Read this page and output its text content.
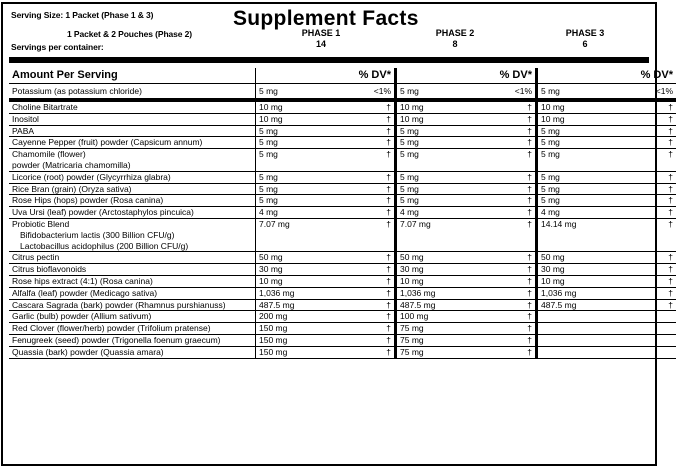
Serving Size: 1 Packet (Phase 1 & 3)
1 Packet & 2 Pouches (Phase 2)
Servings per container:
Supplement Facts
PHASE 1
14
PHASE 2
8
PHASE 3
6
Amount Per Serving		% DV*		% DV*		% DV*
Potassium (as potassium chloride)	5 mg	<1%	5 mg	<1%	5 mg	<1%
Choline Bitartrate	10 mg	†	10 mg	†	10 mg	†
Inositol	10 mg	†	10 mg	†	10 mg	†
PABA	5 mg	†	5 mg	†	5 mg	†
Cayenne Pepper (fruit) powder (Capsicum annum)	5 mg	†	5 mg	†	5 mg	†
Chamomile (flower)
powder (Matricaria chamomilla)	5 mg	†	5 mg	†	5 mg	†
Licorice (root) powder (Glycyrrhiza glabra)	5 mg	†	5 mg	†	5 mg	†
Rice Bran (grain) (Oryza sativa)	5 mg	†	5 mg	†	5 mg	†
Rose Hips (hops) powder (Rosa canina)	5 mg	†	5 mg	†	5 mg	†
Uva Ursi (leaf) powder (Arctostaphylos pincuica)	4 mg	†	4 mg	†	4 mg	†
Probiotic Blend
Bifidobacterium lactis (300 Billion CFU/g)
Lactobacillus acidophilus (200 Billion CFU/g)	7.07 mg	†	7.07 mg	†	14.14 mg	†
Citrus pectin	50 mg	†	50 mg	†	50 mg	†
Citrus bioflavonoids	30 mg	†	30 mg	†	30 mg	†
Rose hips extract (4:1) (Rosa canina)	10 mg	†	10 mg	†	10 mg	†
Alfalfa (leaf) powder (Medicago sativa)	1,036 mg	†	1,036 mg	†	1,036 mg	†
Cascara Sagrada (bark) powder (Rhamnus purshianuss)	487.5 mg	†	487.5 mg	†	487.5 mg	†
Garlic (bulb) powder (Allium sativum)	200 mg	†	100 mg	†		
Red Clover (flower/herb) powder (Trifolium pratense)	150 mg	†	75 mg	†		
Fenugreek (seed) powder (Trigonella foenum graecum)	150 mg	†	75 mg	†		
Quassia (bark) powder (Quassia amara)	150 mg	†	75 mg	†		
